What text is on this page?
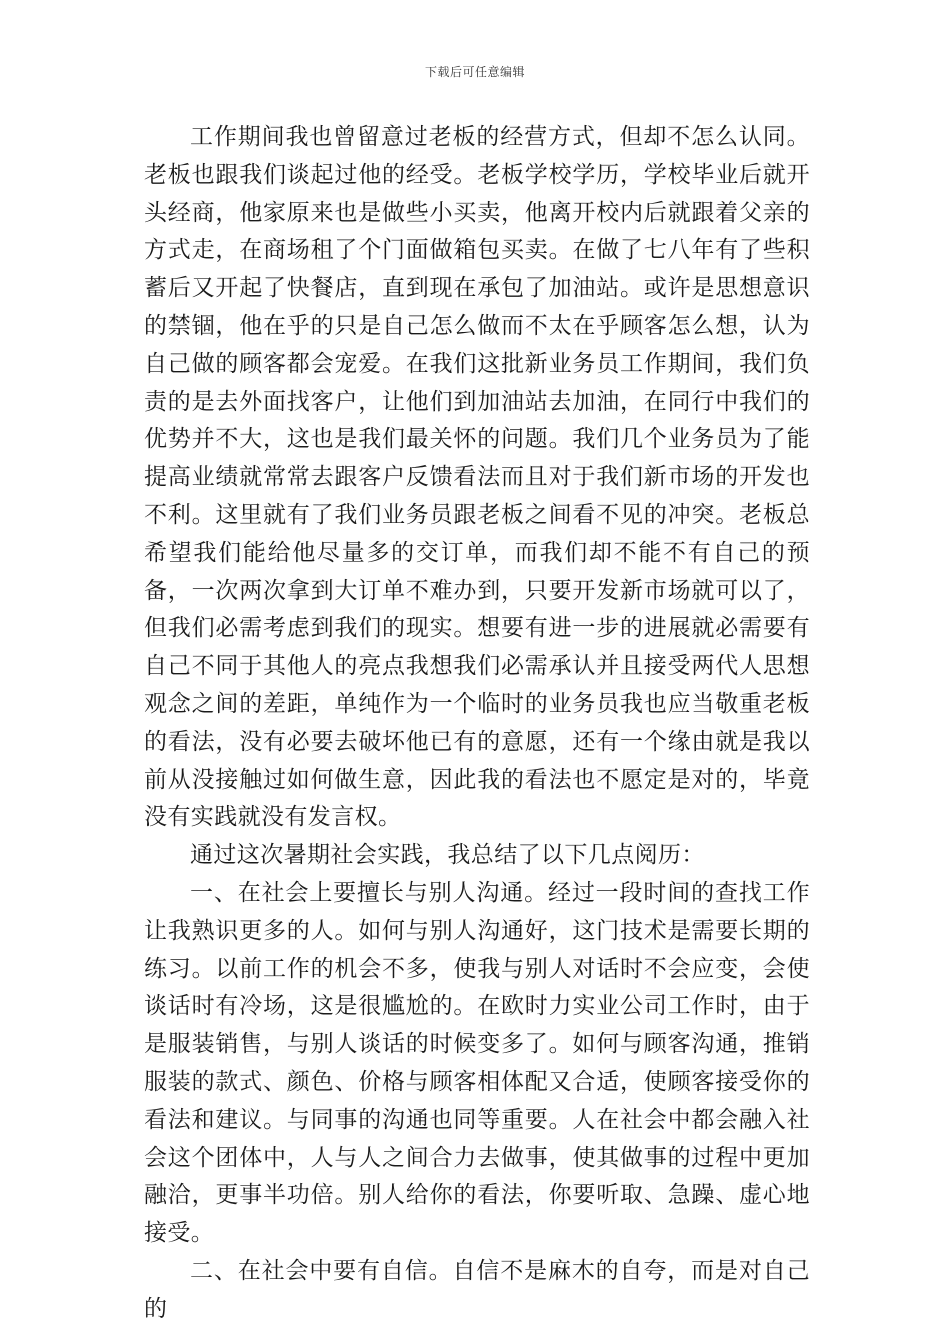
下载后可任意编辑

工作期间我也曾留意过老板的经营方式，但却不怎么认同。老板也跟我们谈起过他的经受。老板学校学历，学校毕业后就开头经商，他家原来也是做些小买卖，他离开校内后就跟着父亲的方式走，在商场租了个门面做箱包买卖。在做了七八年有了些积蓄后又开起了快餐店，直到现在承包了加油站。或许是思想意识的禁锢，他在乎的只是自己怎么做而不太在乎顾客怎么想，认为自己做的顾客都会宠爱。在我们这批新业务员工作期间，我们负责的是去外面找客户，让他们到加油站去加油，在同行中我们的优势并不大，这也是我们最关怀的问题。我们几个业务员为了能提高业绩就常常去跟客户反馈看法而且对于我们新市场的开发也不利。这里就有了我们业务员跟老板之间看不见的冲突。老板总希望我们能给他尽量多的交订单，而我们却不能不有自己的预备，一次两次拿到大订单不难办到，只要开发新市场就可以了，但我们必需考虑到我们的现实。想要有进一步的进展就必需要有自己不同于其他人的亮点我想我们必需承认并且接受两代人思想观念之间的差距，单纯作为一个临时的业务员我也应当敬重老板的看法，没有必要去破坏他已有的意愿，还有一个缘由就是我以前从没接触过如何做生意，因此我的看法也不愿定是对的，毕竟没有实践就没有发言权。

通过这次暑期社会实践，我总结了以下几点阅历：

一、在社会上要擅长与别人沟通。经过一段时间的查找工作让我熟识更多的人。如何与别人沟通好，这门技术是需要长期的练习。以前工作的机会不多，使我与别人对话时不会应变，会使谈话时有冷场，这是很尴尬的。在欧时力实业公司工作时，由于是服装销售，与别人谈话的时候变多了。如何与顾客沟通，推销服装的款式、颜色、价格与顾客相体配又合适，使顾客接受你的看法和建议。与同事的沟通也同等重要。人在社会中都会融入社会这个团体中，人与人之间合力去做事，使其做事的过程中更加融洽，更事半功倍。别人给你的看法，你要听取、急躁、虚心地接受。

二、在社会中要有自信。自信不是麻木的自夸，而是对自己的
